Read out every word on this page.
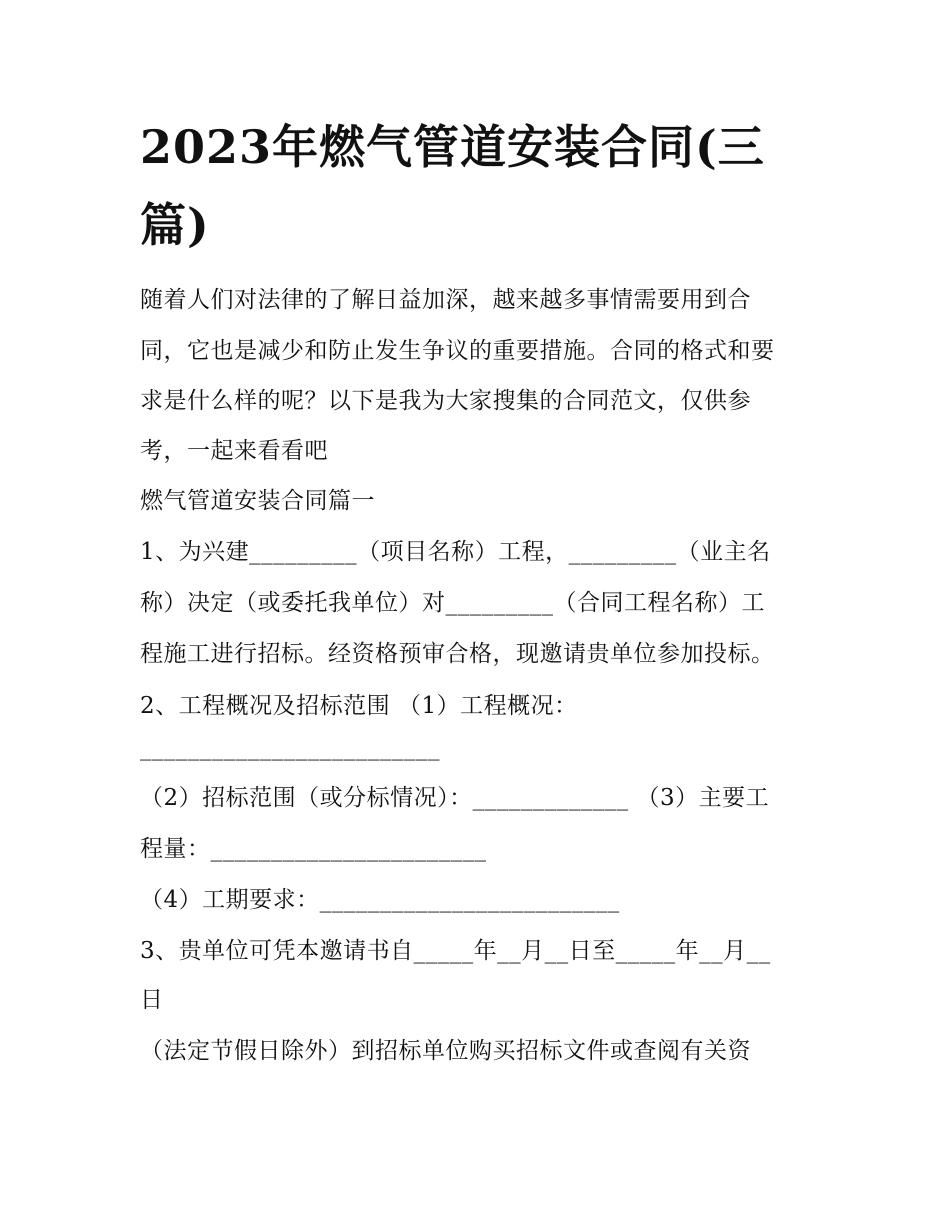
2023年燃气管道安装合同(三
篇)

随着人们对法律的了解日益加深，越来越多事情需要用到合

同，它也是减少和防止发生争议的重要措施。合同的格式和要

求是什么样的呢？以下是我为大家搜集的合同范文，仅供参

考，一起来看看吧

燃气管道安装合同篇一

1、为兴建_________（项目名称）工程，_________（业主名

称）决定（或委托我单位）对_________（合同工程名称）工

程施工进行招标。经资格预审合格，现邀请贵单位参加投标。

2、工程概况及招标范围 （1）工程概况：

_________________________

（2）招标范围（或分标情况）：_____________ （3）主要工

程量：_______________________

（4）工期要求：_________________________

3、贵单位可凭本邀请书自_____年__月__日至_____年__月__

日

（法定节假日除外）到招标单位购买招标文件或查阅有关资
